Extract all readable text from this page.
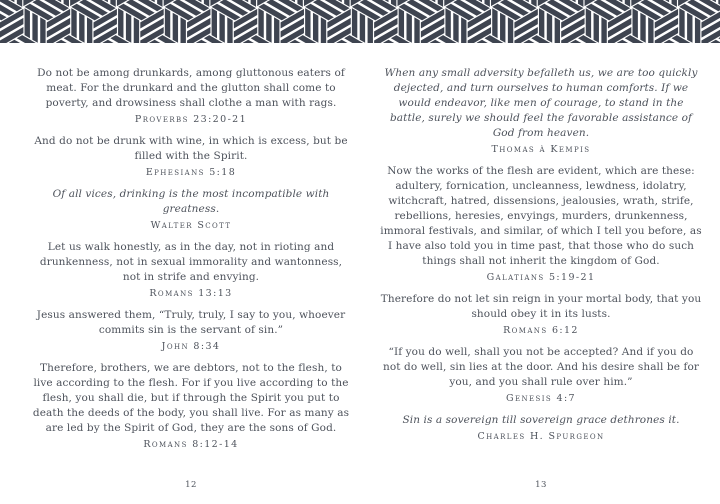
Do not be among drunkards, among gluttonous eaters of meat. For the drunkard and the glutton shall come to poverty, and drowsiness shall clothe a man with rags.

Proverbs 23:20-21

And do not be drunk with wine, in which is excess, but be filled with the Spirit.

Ephesians 5:18

Of all vices, drinking is the most incompatible with greatness.

Walter Scott

Let us walk honestly, as in the day, not in rioting and drunkenness, not in sexual immorality and wantonness, not in strife and envying.

Romans 13:13

Jesus answered them, “Truly, truly, I say to you, whoever commits sin is the servant of sin.”

John 8:34

Therefore, brothers, we are debtors, not to the flesh, to live according to the flesh. For if you live according to the flesh, you shall die, but if through the Spirit you put to death the deeds of the body, you shall live. For as many as are led by the Spirit of God, they are the sons of God.

Romans 8:12-14

12

When any small adversity befalleth us, we are too quickly dejected, and turn ourselves to human comforts. If we would endeavor, like men of courage, to stand in the battle, surely we should feel the favorable assistance of God from heaven.

Thomas à Kempis

Now the works of the flesh are evident, which are these: adultery, fornication, uncleanness, lewdness, idolatry, witchcraft, hatred, dissensions, jealousies, wrath, strife, rebellions, heresies, envyings, murders, drunkenness, immoral festivals, and similar, of which I tell you before, as I have also told you in time past, that those who do such things shall not inherit the kingdom of God.

Galatians 5:19-21

Therefore do not let sin reign in your mortal body, that you should obey it in its lusts.

Romans 6:12

“If you do well, shall you not be accepted? And if you do not do well, sin lies at the door. And his desire shall be for you, and you shall rule over him.”

Genesis 4:7

Sin is a sovereign till sovereign grace dethrones it.

Charles H. Spurgeon

13
